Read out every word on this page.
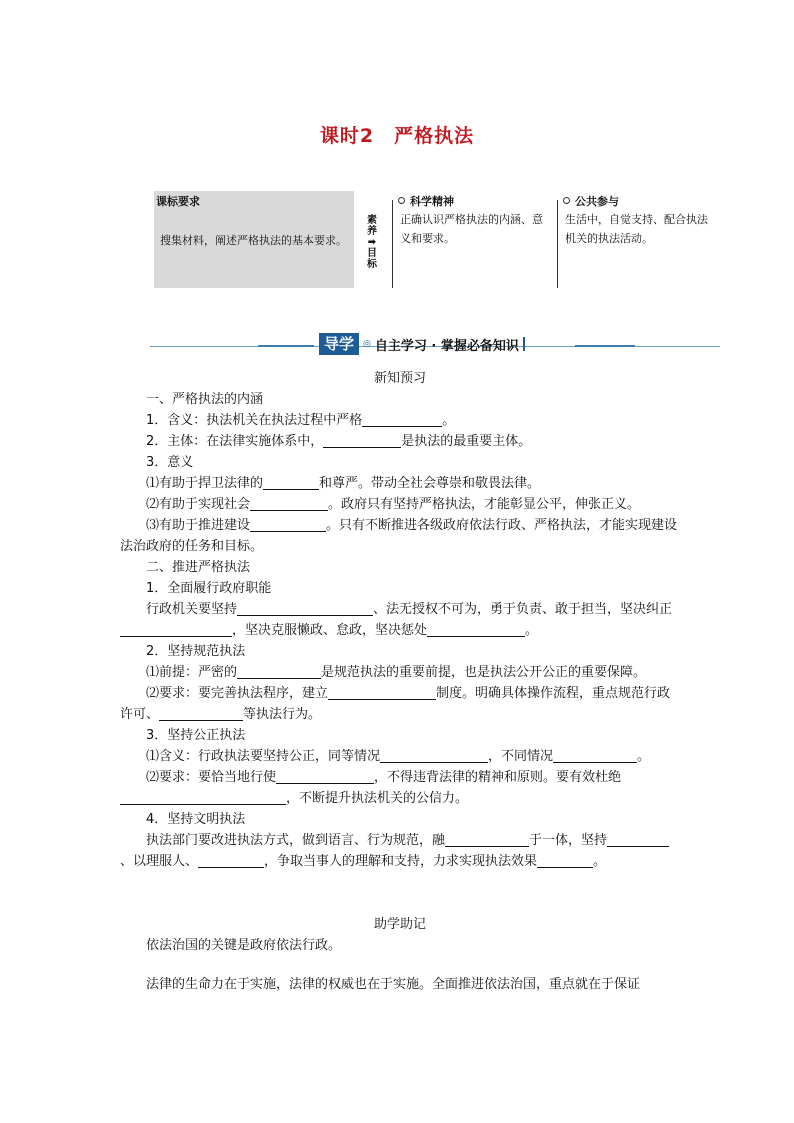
课时2　严格执法
课标要求
搜集材料，阐述严格执法的基本要求。
素
养
➡
目
标
科学精神
正确认识严格执法的内涵、意义和要求。
公共参与
生活中，自觉支持、配合执法机关的执法活动。
导学	◎ 自主学习 · 掌握必备知识

新知预习

一、严格执法的内涵

1．含义：执法机关在执法过程中严格	。

2．主体：在法律实施体系中，	是执法的最重要主体。

3．意义

⑴有助于捍卫法律的	和尊严。带动全社会尊崇和敬畏法律。

⑵有助于实现社会	。政府只有坚持严格执法，才能彰显公平，伸张正义。

⑶有助于推进建设	。只有不断推进各级政府依法行政、严格执法，才能实现建设法治政府的任务和目标。

二、推进严格执法

1．全面履行政府职能

行政机关要坚持	、法无授权不可为，勇于负责、敢于担当，坚决纠正，坚决克服懒政、怠政，坚决惩处	。

2．坚持规范执法

⑴前提：严密的	是规范执法的重要前提，也是执法公开公正的重要保障。

⑵要求：要完善执法程序，建立	制度。明确具体操作流程，重点规范行政许可、	等执法行为。

3．坚持公正执法

⑴含义：行政执法要坚持公正，同等情况	，不同情况	。

⑵要求：要恰当地行使	，不得违背法律的精神和原则。要有效杜绝，不断提升执法机关的公信力。

4．坚持文明执法

执法部门要改进执法方式，做到语言、行为规范，融	于一体，坚持、以理服人、	，争取当事人的理解和支持，力求实现执法效果	。

助学助记

依法治国的关键是政府依法行政。

法律的生命力在于实施，法律的权威也在于实施。全面推进依法治国，重点就在于保证
